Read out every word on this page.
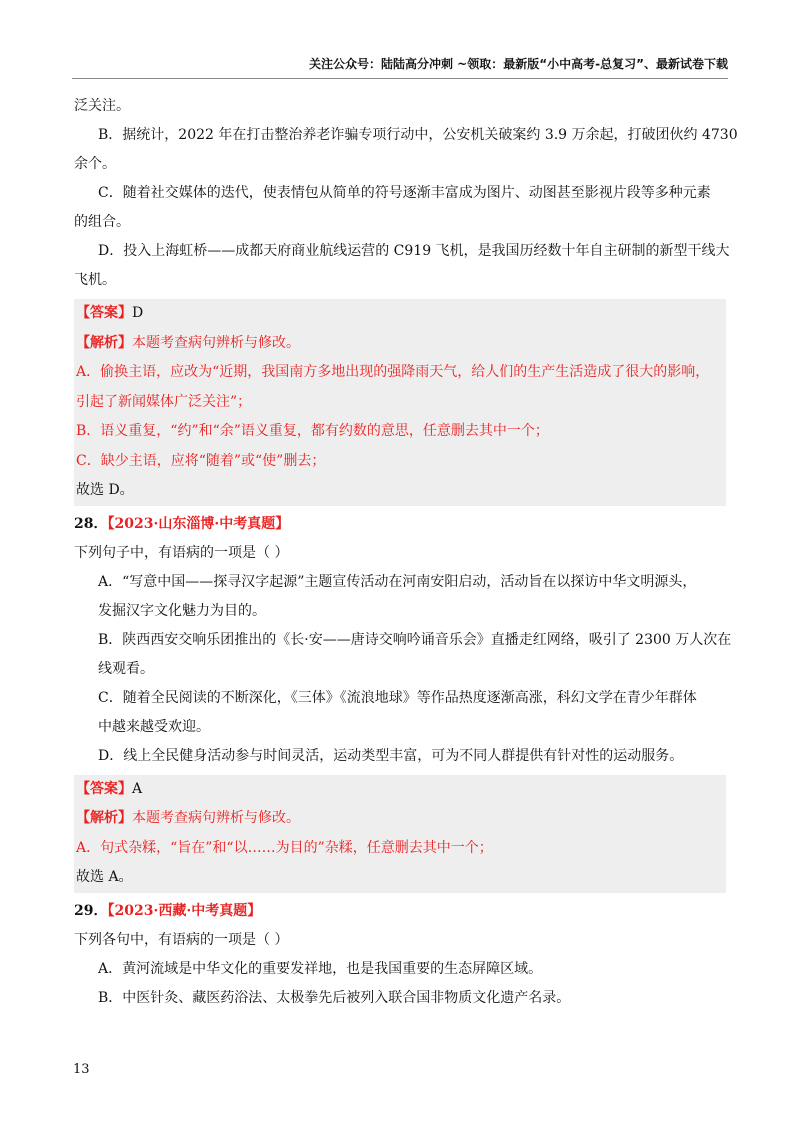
关注公众号：陆陆高分冲刺 ~领取：最新版“小中高考-总复习”、最新试卷下载
泛关注。
B．据统计，2022 年在打击整治养老诈骗专项行动中，公安机关破案约 3.9 万余起，打破团伙约 4730
余个。
C．随着社交媒体的迭代，使表情包从简单的符号逐渐丰富成为图片、动图甚至影视片段等多种元素
的组合。
D．投入上海虹桥——成都天府商业航线运营的 C919 飞机，是我国历经数十年自主研制的新型干线大
飞机。
【答案】D
【解析】本题考查病句辨析与修改。
A．偷换主语，应改为“近期，我国南方多地出现的强降雨天气，给人们的生产生活造成了很大的影响，
引起了新闻媒体广泛关注”；
B．语义重复，“约”和“余”语义重复，都有约数的意思，任意删去其中一个；
C．缺少主语，应将“随着”或“使”删去；
故选 D。
28．【2023·山东淄博·中考真题】
下列句子中，有语病的一项是（ ）
A．“写意中国——探寻汉字起源”主题宣传活动在河南安阳启动，活动旨在以探访中华文明源头，
发掘汉字文化魅力为目的。
B．陕西西安交响乐团推出的《长·安——唐诗交响吟诵音乐会》直播走红网络，吸引了 2300 万人次在
线观看。
C．随着全民阅读的不断深化，《三体》《流浪地球》等作品热度逐渐高涨，科幻文学在青少年群体
中越来越受欢迎。
D．线上全民健身活动参与时间灵活，运动类型丰富，可为不同人群提供有针对性的运动服务。
【答案】A
【解析】本题考查病句辨析与修改。
A．句式杂糅，“旨在”和“以……为目的”杂糅，任意删去其中一个；
故选 A。
29．【2023·西藏·中考真题】
下列各句中，有语病的一项是（ ）
A．黄河流域是中华文化的重要发祥地，也是我国重要的生态屏障区域。
B．中医针灸、藏医药浴法、太极拳先后被列入联合国非物质文化遗产名录。
13
